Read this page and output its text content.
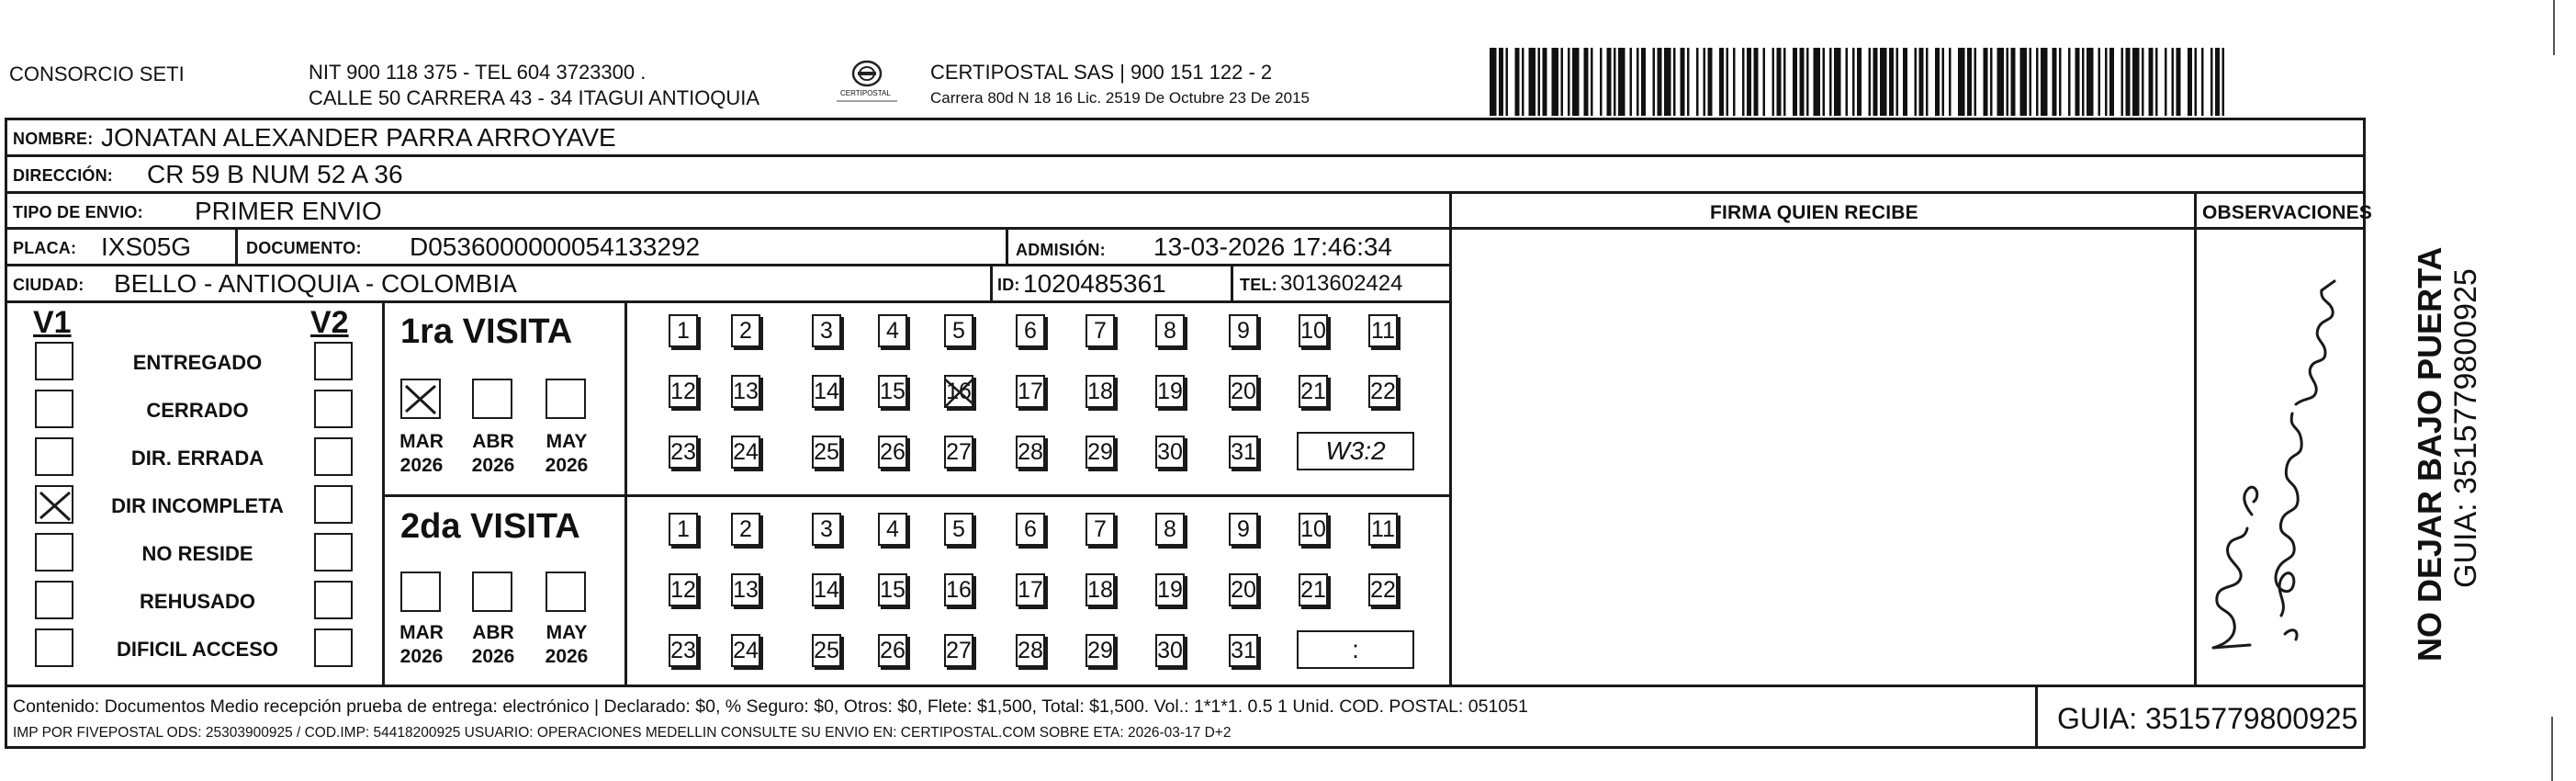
CONSORCIO SETI	NIT 900 118 375 - TEL 604 3723300 .
CALLE 50 CARRERA 43 - 34 ITAGUI ANTIOQUIA	CERTIPOSTAL
CERTIPOSTAL SAS | 900 151 122 - 2
Carrera 80d N 18 16 Lic. 2519 De Octubre 23 De 2015
NOMBRE: JONATAN ALEXANDER PARRA ARROYAVE
DIRECCIÓN: CR 59 B NUM 52 A 36
TIPO DE ENVIO: PRIMER ENVIO	FIRMA QUIEN RECIBE	OBSERVACIONES
PLACA: IXS05G	DOCUMENTO: D0536000000054133292	ADMISIÓN: 13-03-2026 17:46:34
CIUDAD: BELLO - ANTIOQUIA - COLOMBIA	ID: 1020485361	TEL: 3013602424
V1	V2
ENTREGADO
CERRADO
DIR. ERRADA
DIR INCOMPLETA
NO RESIDE
REHUSADO
DIFICIL ACCESO
1ra VISITA
MAR
2026
ABR
2026
MAY
2026
1	2	3	4	5	6	7	8	9	10 11
12 13 14 15 16 17 18 19 20 21 22
23 24 25 26 27 28 29 30 31	W3:2
2da VISITA
MAR
2026
ABR
2026
MAY
2026
1	2	3	4	5	6	7	8	9	10 11
12 13 14 15 16 17 18 19 20 21 22
23 24 25 26 27 28 29 30 31	:	NO DEJAR BAJO PUERTA GUIA: 3515779800925
Contenido: Documentos Medio recepción prueba de entrega: electrónico | Declarado: $0, % Seguro: $0, Otros: $0, Flete: $1,500, Total: $1,500. Vol.: 1*1*1. 0.5 1 Unid. COD. POSTAL: 051051
IMP POR FIVEPOSTAL ODS: 25303900925 / COD.IMP: 54418200925 USUARIO: OPERACIONES MEDELLIN CONSULTE SU ENVIO EN: CERTIPOSTAL.COM SOBRE ETA: 2026-03-17 D+2	GUIA: 3515779800925
